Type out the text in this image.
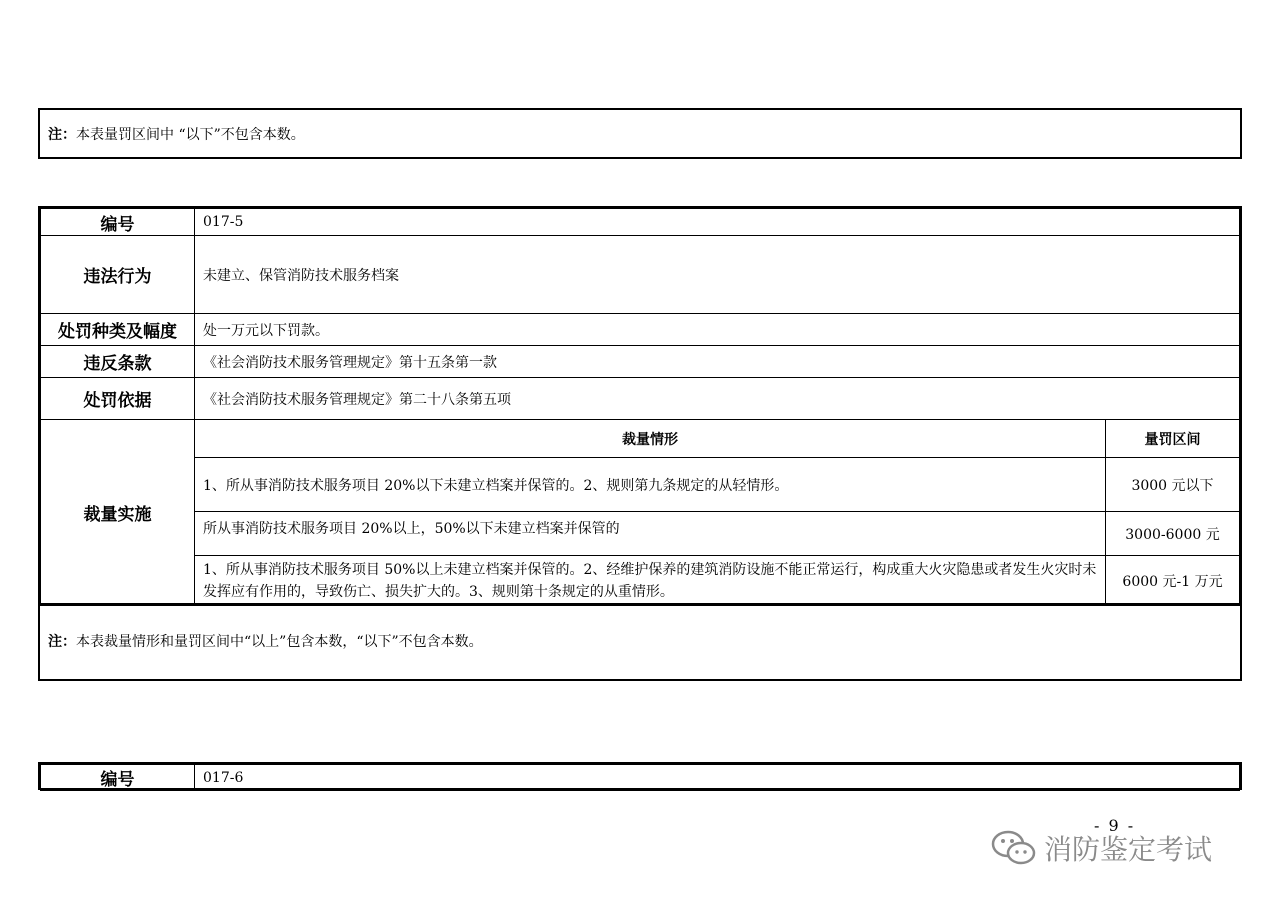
注： 本表量罚区间中 “以下”不包含本数。
编号	017-5	
违法行为	未建立、保管消防技术服务档案	
处罚种类及幅度	处一万元以下罚款。	
违反条款	《社会消防技术服务管理规定》第十五条第一款	
处罚依据	《社会消防技术服务管理规定》第二十八条第五项	
裁量实施	裁量情形	量罚区间
	1、所从事消防技术服务项目 20%以下未建立档案并保管的。2、规则第九条规定的从轻情形。	3000 元以下
	所从事消防技术服务项目 20%以上，50%以下未建立档案并保管的	3000-6000 元
	1、所从事消防技术服务项目 50%以上未建立档案并保管的。2、经维护保养的建筑消防设施不能正常运行，构成重大火灾隐患或者发生火灾时未发挥应有作用的，导致伤亡、损失扩大的。3、规则第十条规定的从重情形。	6000 元-1 万元
注： 本表裁量情形和量罚区间中“以上”包含本数，“以下”不包含本数。
编号	017-6
- 9 -
消防鉴定考试
